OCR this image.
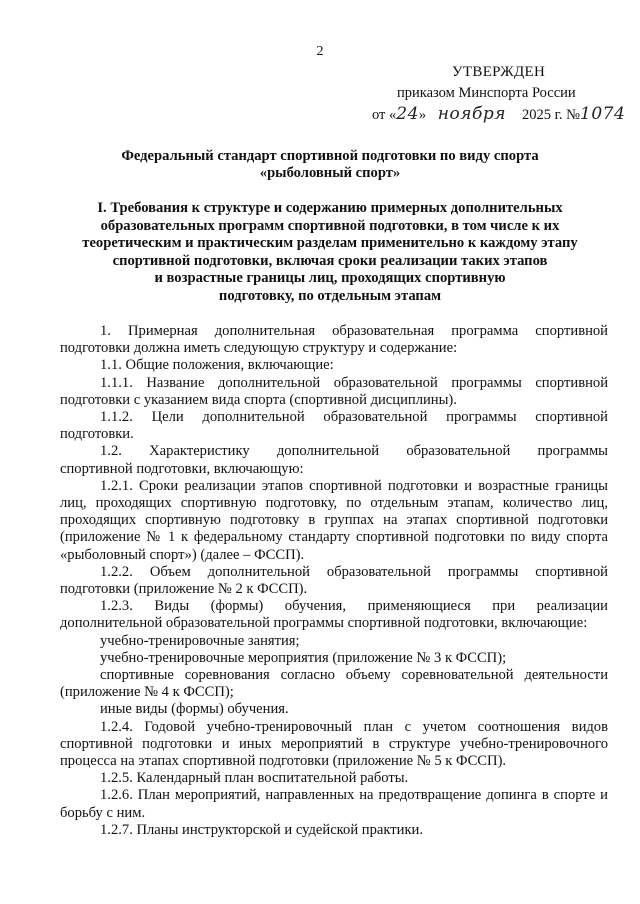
2
УТВЕРЖДЕН
приказом Минспорта России
от «24» ноября 2025 г. №1074
Федеральный стандарт спортивной подготовки по виду спорта
«рыболовный спорт»
I. Требования к структуре и содержанию примерных дополнительных
образовательных программ спортивной подготовки, в том числе к их
теоретическим и практическим разделам применительно к каждому этапу
спортивной подготовки, включая сроки реализации таких этапов
и возрастные границы лиц, проходящих спортивную
подготовку, по отдельным этапам
1. Примерная дополнительная образовательная программа спортивной
подготовки должна иметь следующую структуру и содержание:
1.1. Общие положения, включающие:
1.1.1. Название дополнительной образовательной программы спортивной
подготовки с указанием вида спорта (спортивной дисциплины).
1.1.2. Цели дополнительной образовательной программы спортивной
подготовки.
1.2. Характеристику дополнительной образовательной программы
спортивной подготовки, включающую:

1.2.1. Сроки реализации этапов спортивной подготовки и возрастные границы лиц, проходящих спортивную подготовку, по отдельным этапам, количество лиц, проходящих спортивную подготовку в группах на этапах спортивной подготовки (приложение № 1 к федеральному стандарту спортивной подготовки по виду спорта «рыболовный спорт») (далее – ФССП).

1.2.2. Объем дополнительной образовательной программы спортивной
подготовки (приложение № 2 к ФССП).
1.2.3. Виды (формы) обучения, применяющиеся при реализации
дополнительной образовательной программы спортивной подготовки, включающие:
учебно-тренировочные занятия;
учебно-тренировочные мероприятия (приложение № 3 к ФССП);
спортивные соревнования согласно объему соревновательной деятельности
(приложение № 4 к ФССП);
иные виды (формы) обучения.

1.2.4. Годовой учебно-тренировочный план с учетом соотношения видов спортивной подготовки и иных мероприятий в структуре учебно-тренировочного процесса на этапах спортивной подготовки (приложение № 5 к ФССП).

1.2.5. Календарный план воспитательной работы.

1.2.6. План мероприятий, направленных на предотвращение допинга в спорте и борьбу с ним.

1.2.7. Планы инструкторской и судейской практики.
